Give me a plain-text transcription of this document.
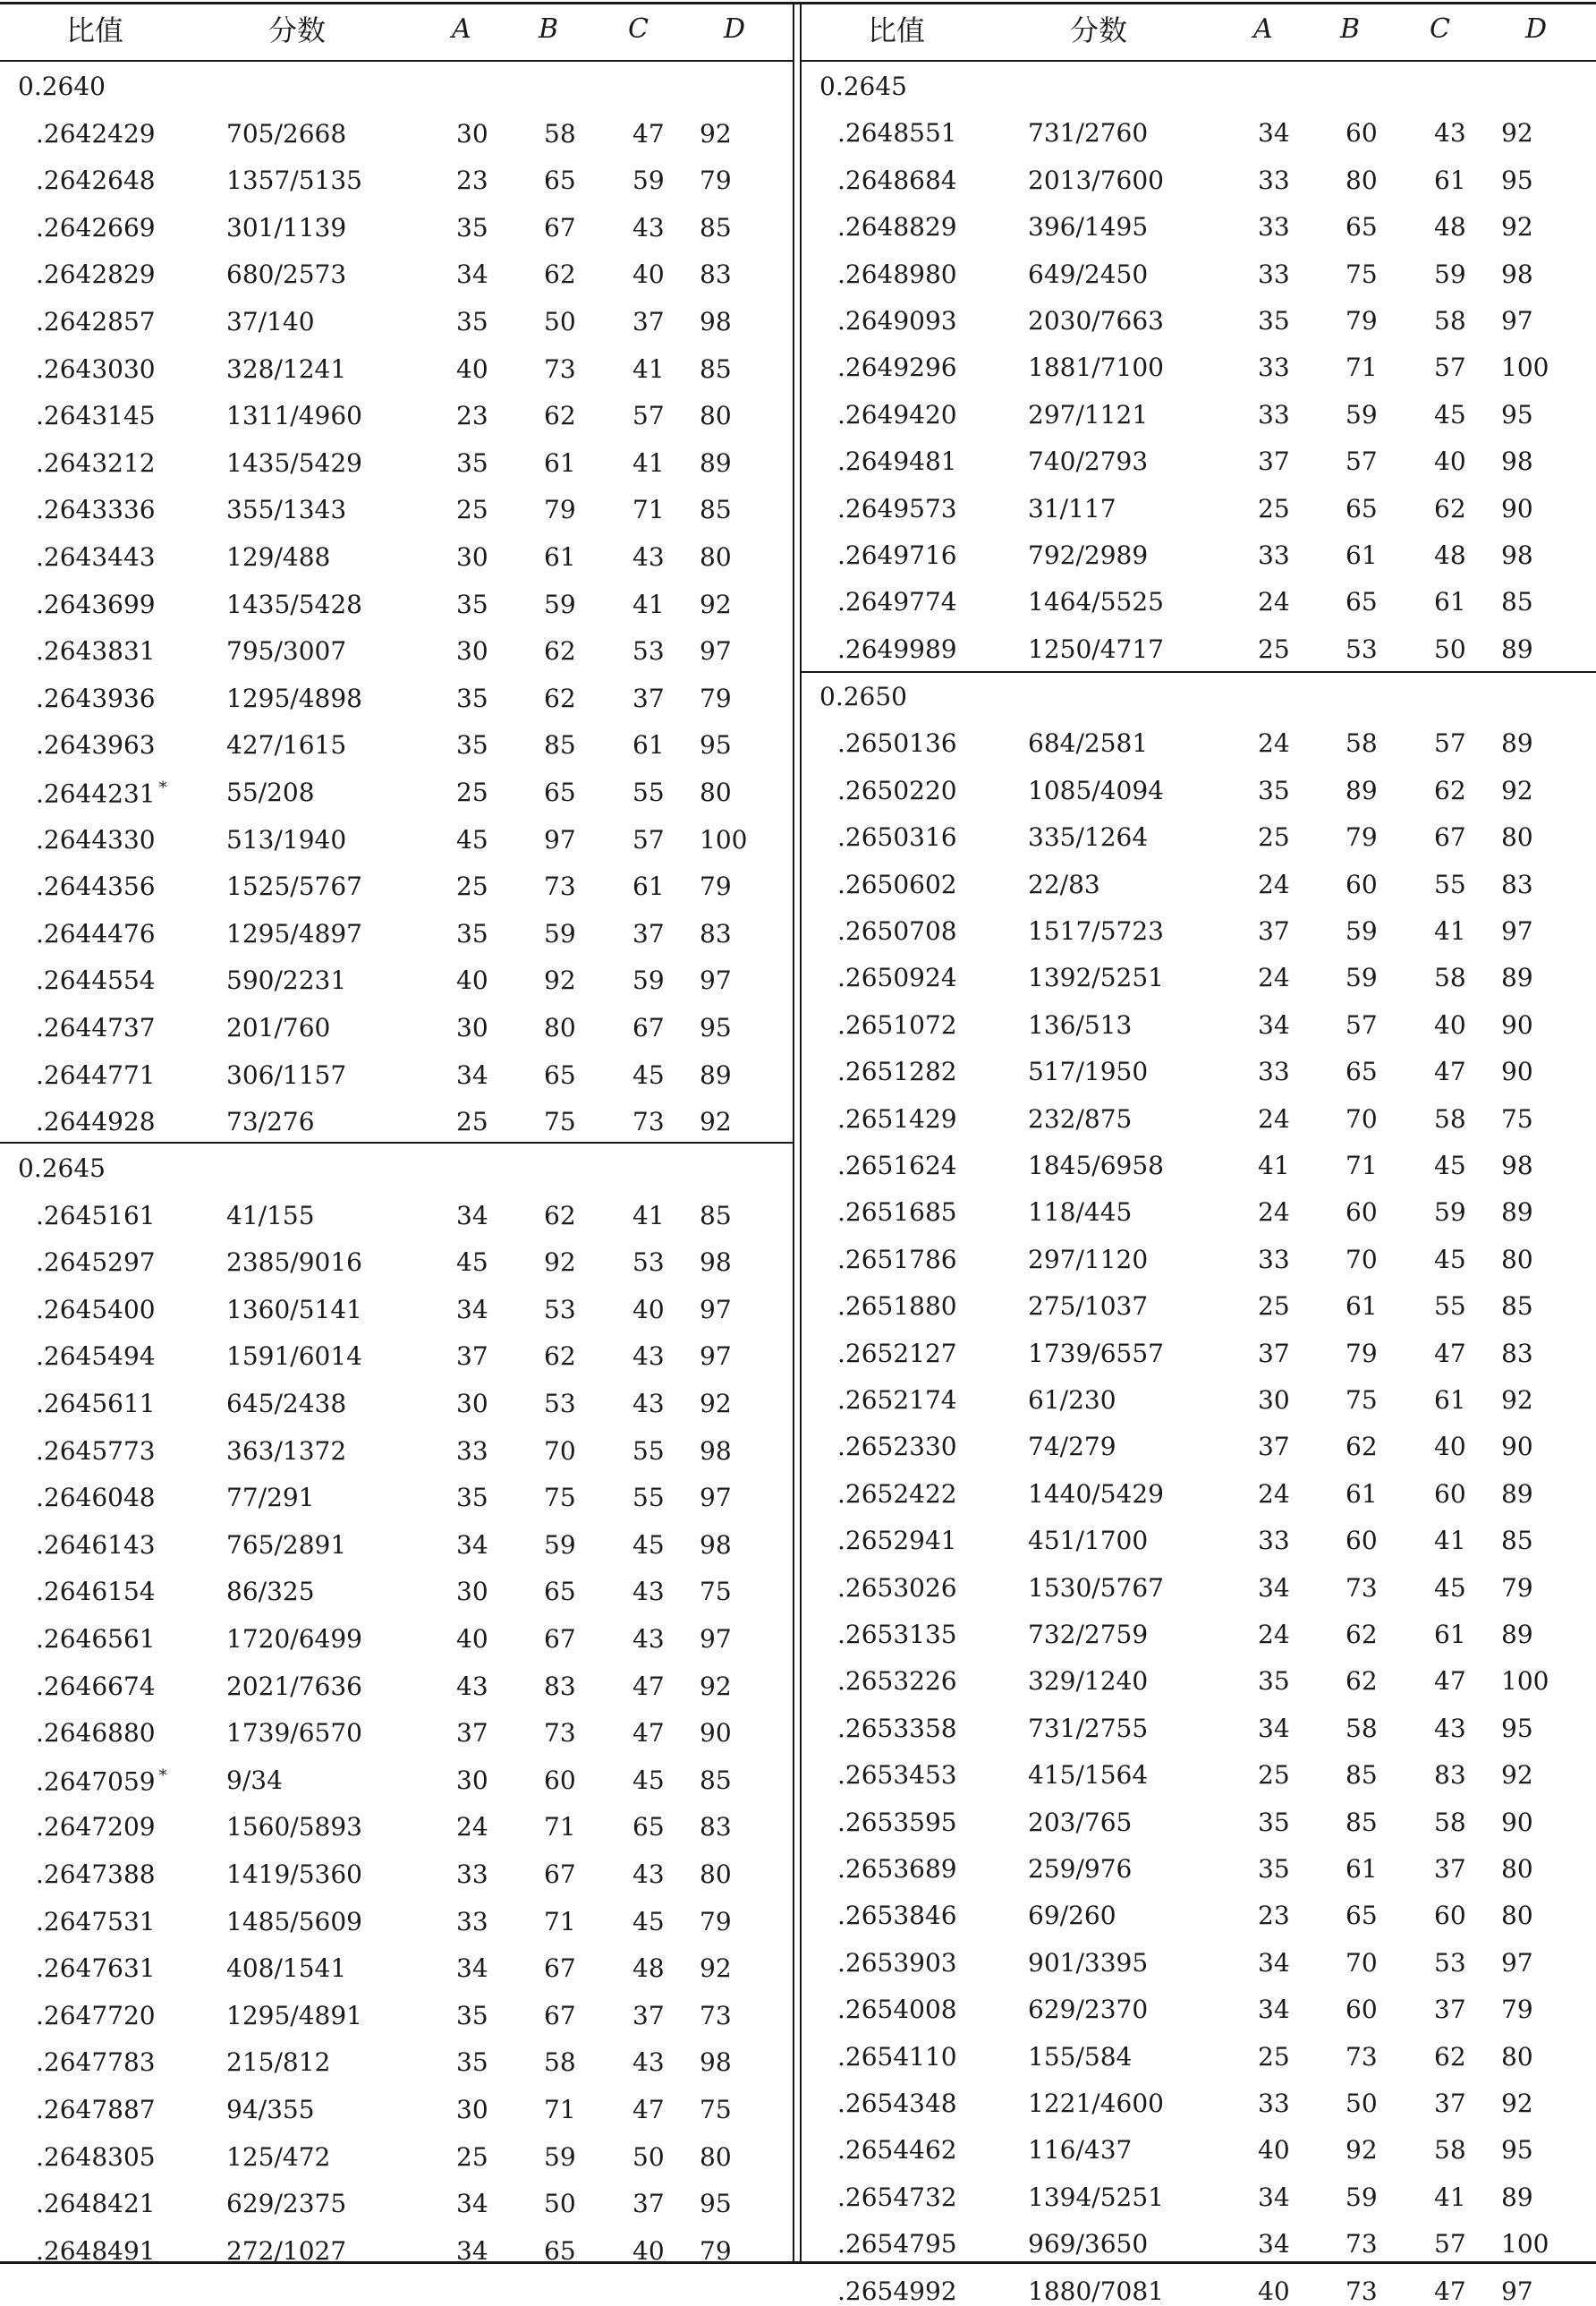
比值	分数	A	B	C	D
0.2640
.2642429	705/2668	30 58 47 92
.2642648	1357/5135	23 65 59 79
.2642669	301/1139	35 67 43 85
.2642829	680/2573	34 62 40 83
.2642857	37/140	35 50 37 98
.2643030	328/1241	40 73 41 85
.2643145	1311/4960	23 62 57 80
.2643212	1435/5429	35 61 41 89
.2643336	355/1343	25 79 71 85
.2643443	129/488	30 61 43 80
.2643699	1435/5428	35 59 41 92
.2643831	795/3007	30 62 53 97
.2643936	1295/4898	35 62 37 79
.2643963	427/1615	35 85 61 95
.2644231 * 55/208	25 65 55 80
.2644330	513/1940	45 97 57 100
.2644356	1525/5767	25 73 61 79
.2644476	1295/4897	35 59 37 83
.2644554	590/2231	40 92 59 97
.2644737	201/760	30 80 67 95
.2644771	306/1157	34 65 45 89
.2644928	73/276	25 75 73 92
0.2645
.2645161	41/155	34 62 41 85
.2645297	2385/9016	45 92 53 98
.2645400	1360/5141	34 53 40 97
.2645494	1591/6014	37 62 43 97
.2645611	645/2438	30 53 43 92
.2645773	363/1372	33 70 55 98
.2646048	77/291	35 75 55 97
.2646143	765/2891	34 59 45 98
.2646154	86/325	30 65 43 75
.2646561	1720/6499	40 67 43 97
.2646674	2021/7636	43 83 47 92
.2646880	1739/6570	37 73 47 90
.2647059 * 9/34	30 60 45 85
.2647209	1560/5893	24 71 65 83
.2647388	1419/5360	33 67 43 80
.2647531	1485/5609	33 71 45 79
.2647631	408/1541	34 67 48 92
.2647720	1295/4891	35 67 37 73
.2647783	215/812	35 58 43 98
.2647887	94/355	30 71 47 75
.2648305	125/472	25 59 50 80
.2648421	629/2375	34 50 37 95
.2648491	272/1027	34 65 40 79
比值	分数	A	B	C	D
0.2645
.2648551	731/2760	34 60 43 92
.2648684	2013/7600	33 80 61 95
.2648829	396/1495	33 65 48 92
.2648980	649/2450	33 75 59 98
.2649093	2030/7663	35 79 58 97
.2649296	1881/7100	33 71 57 100
.2649420	297/1121	33 59 45 95
.2649481	740/2793	37 57 40 98
.2649573	31/117	25 65 62 90
.2649716	792/2989	33 61 48 98
.2649774	1464/5525	24 65 61 85
.2649989	1250/4717	25 53 50 89
0.2650
.2650136	684/2581	24 58 57 89
.2650220	1085/4094	35 89 62 92
.2650316	335/1264	25 79 67 80
.2650602	22/83	24 60 55 83
.2650708	1517/5723	37 59 41 97
.2650924	1392/5251	24 59 58 89
.2651072	136/513	34 57 40 90
.2651282	517/1950	33 65 47 90
.2651429	232/875	24 70 58 75
.2651624	1845/6958	41 71 45 98
.2651685	118/445	24 60 59 89
.2651786	297/1120	33 70 45 80
.2651880	275/1037	25 61 55 85
.2652127	1739/6557	37 79 47 83
.2652174	61/230	30 75 61 92
.2652330	74/279	37 62 40 90
.2652422	1440/5429	24 61 60 89
.2652941	451/1700	33 60 41 85
.2653026	1530/5767	34 73 45 79
.2653135	732/2759	24 62 61 89
.2653226	329/1240	35 62 47 100
.2653358	731/2755	34 58 43 95
.2653453	415/1564	25 85 83 92
.2653595	203/765	35 85 58 90
.2653689	259/976	35 61 37 80
.2653846	69/260	23 65 60 80
.2653903	901/3395	34 70 53 97
.2654008	629/2370	34 60 37 79
.2654110	155/584	25 73 62 80
.2654348	1221/4600	33 50 37 92
.2654462	116/437	40 92 58 95
.2654732	1394/5251	34 59 41 89
.2654795	969/3650	34 73 57 100
.2654992	1880/7081	40 73 47 97
